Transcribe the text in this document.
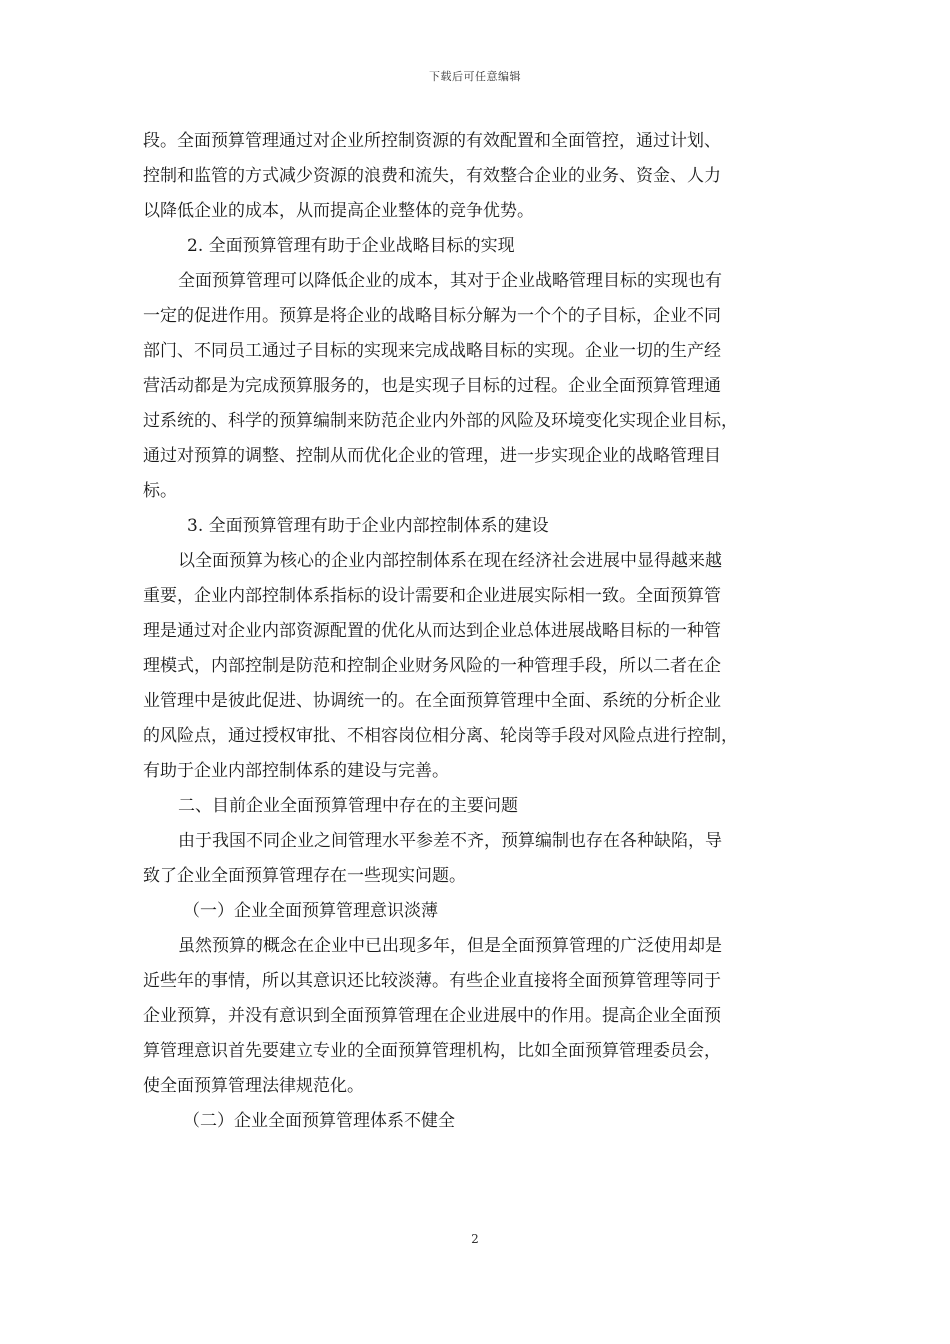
下载后可任意编辑
段。全面预算管理通过对企业所控制资源的有效配置和全面管控，通过计划、
控制和监管的方式减少资源的浪费和流失，有效整合企业的业务、资金、人力
以降低企业的成本，从而提高企业整体的竞争优势。
2. 全面预算管理有助于企业战略目标的实现
全面预算管理可以降低企业的成本，其对于企业战略管理目标的实现也有
一定的促进作用。预算是将企业的战略目标分解为一个个的子目标，企业不同
部门、不同员工通过子目标的实现来完成战略目标的实现。企业一切的生产经
营活动都是为完成预算服务的，也是实现子目标的过程。企业全面预算管理通
过系统的、科学的预算编制来防范企业内外部的风险及环境变化实现企业目标，
通过对预算的调整、控制从而优化企业的管理，进一步实现企业的战略管理目
标。
3. 全面预算管理有助于企业内部控制体系的建设
以全面预算为核心的企业内部控制体系在现在经济社会进展中显得越来越
重要，企业内部控制体系指标的设计需要和企业进展实际相一致。全面预算管
理是通过对企业内部资源配置的优化从而达到企业总体进展战略目标的一种管
理模式，内部控制是防范和控制企业财务风险的一种管理手段，所以二者在企
业管理中是彼此促进、协调统一的。在全面预算管理中全面、系统的分析企业
的风险点，通过授权审批、不相容岗位相分离、轮岗等手段对风险点进行控制，
有助于企业内部控制体系的建设与完善。
二、目前企业全面预算管理中存在的主要问题
由于我国不同企业之间管理水平参差不齐，预算编制也存在各种缺陷，导
致了企业全面预算管理存在一些现实问题。
（一）企业全面预算管理意识淡薄
虽然预算的概念在企业中已出现多年，但是全面预算管理的广泛使用却是
近些年的事情，所以其意识还比较淡薄。有些企业直接将全面预算管理等同于
企业预算，并没有意识到全面预算管理在企业进展中的作用。提高企业全面预
算管理意识首先要建立专业的全面预算管理机构，比如全面预算管理委员会，
使全面预算管理法律规范化。
（二）企业全面预算管理体系不健全
2
